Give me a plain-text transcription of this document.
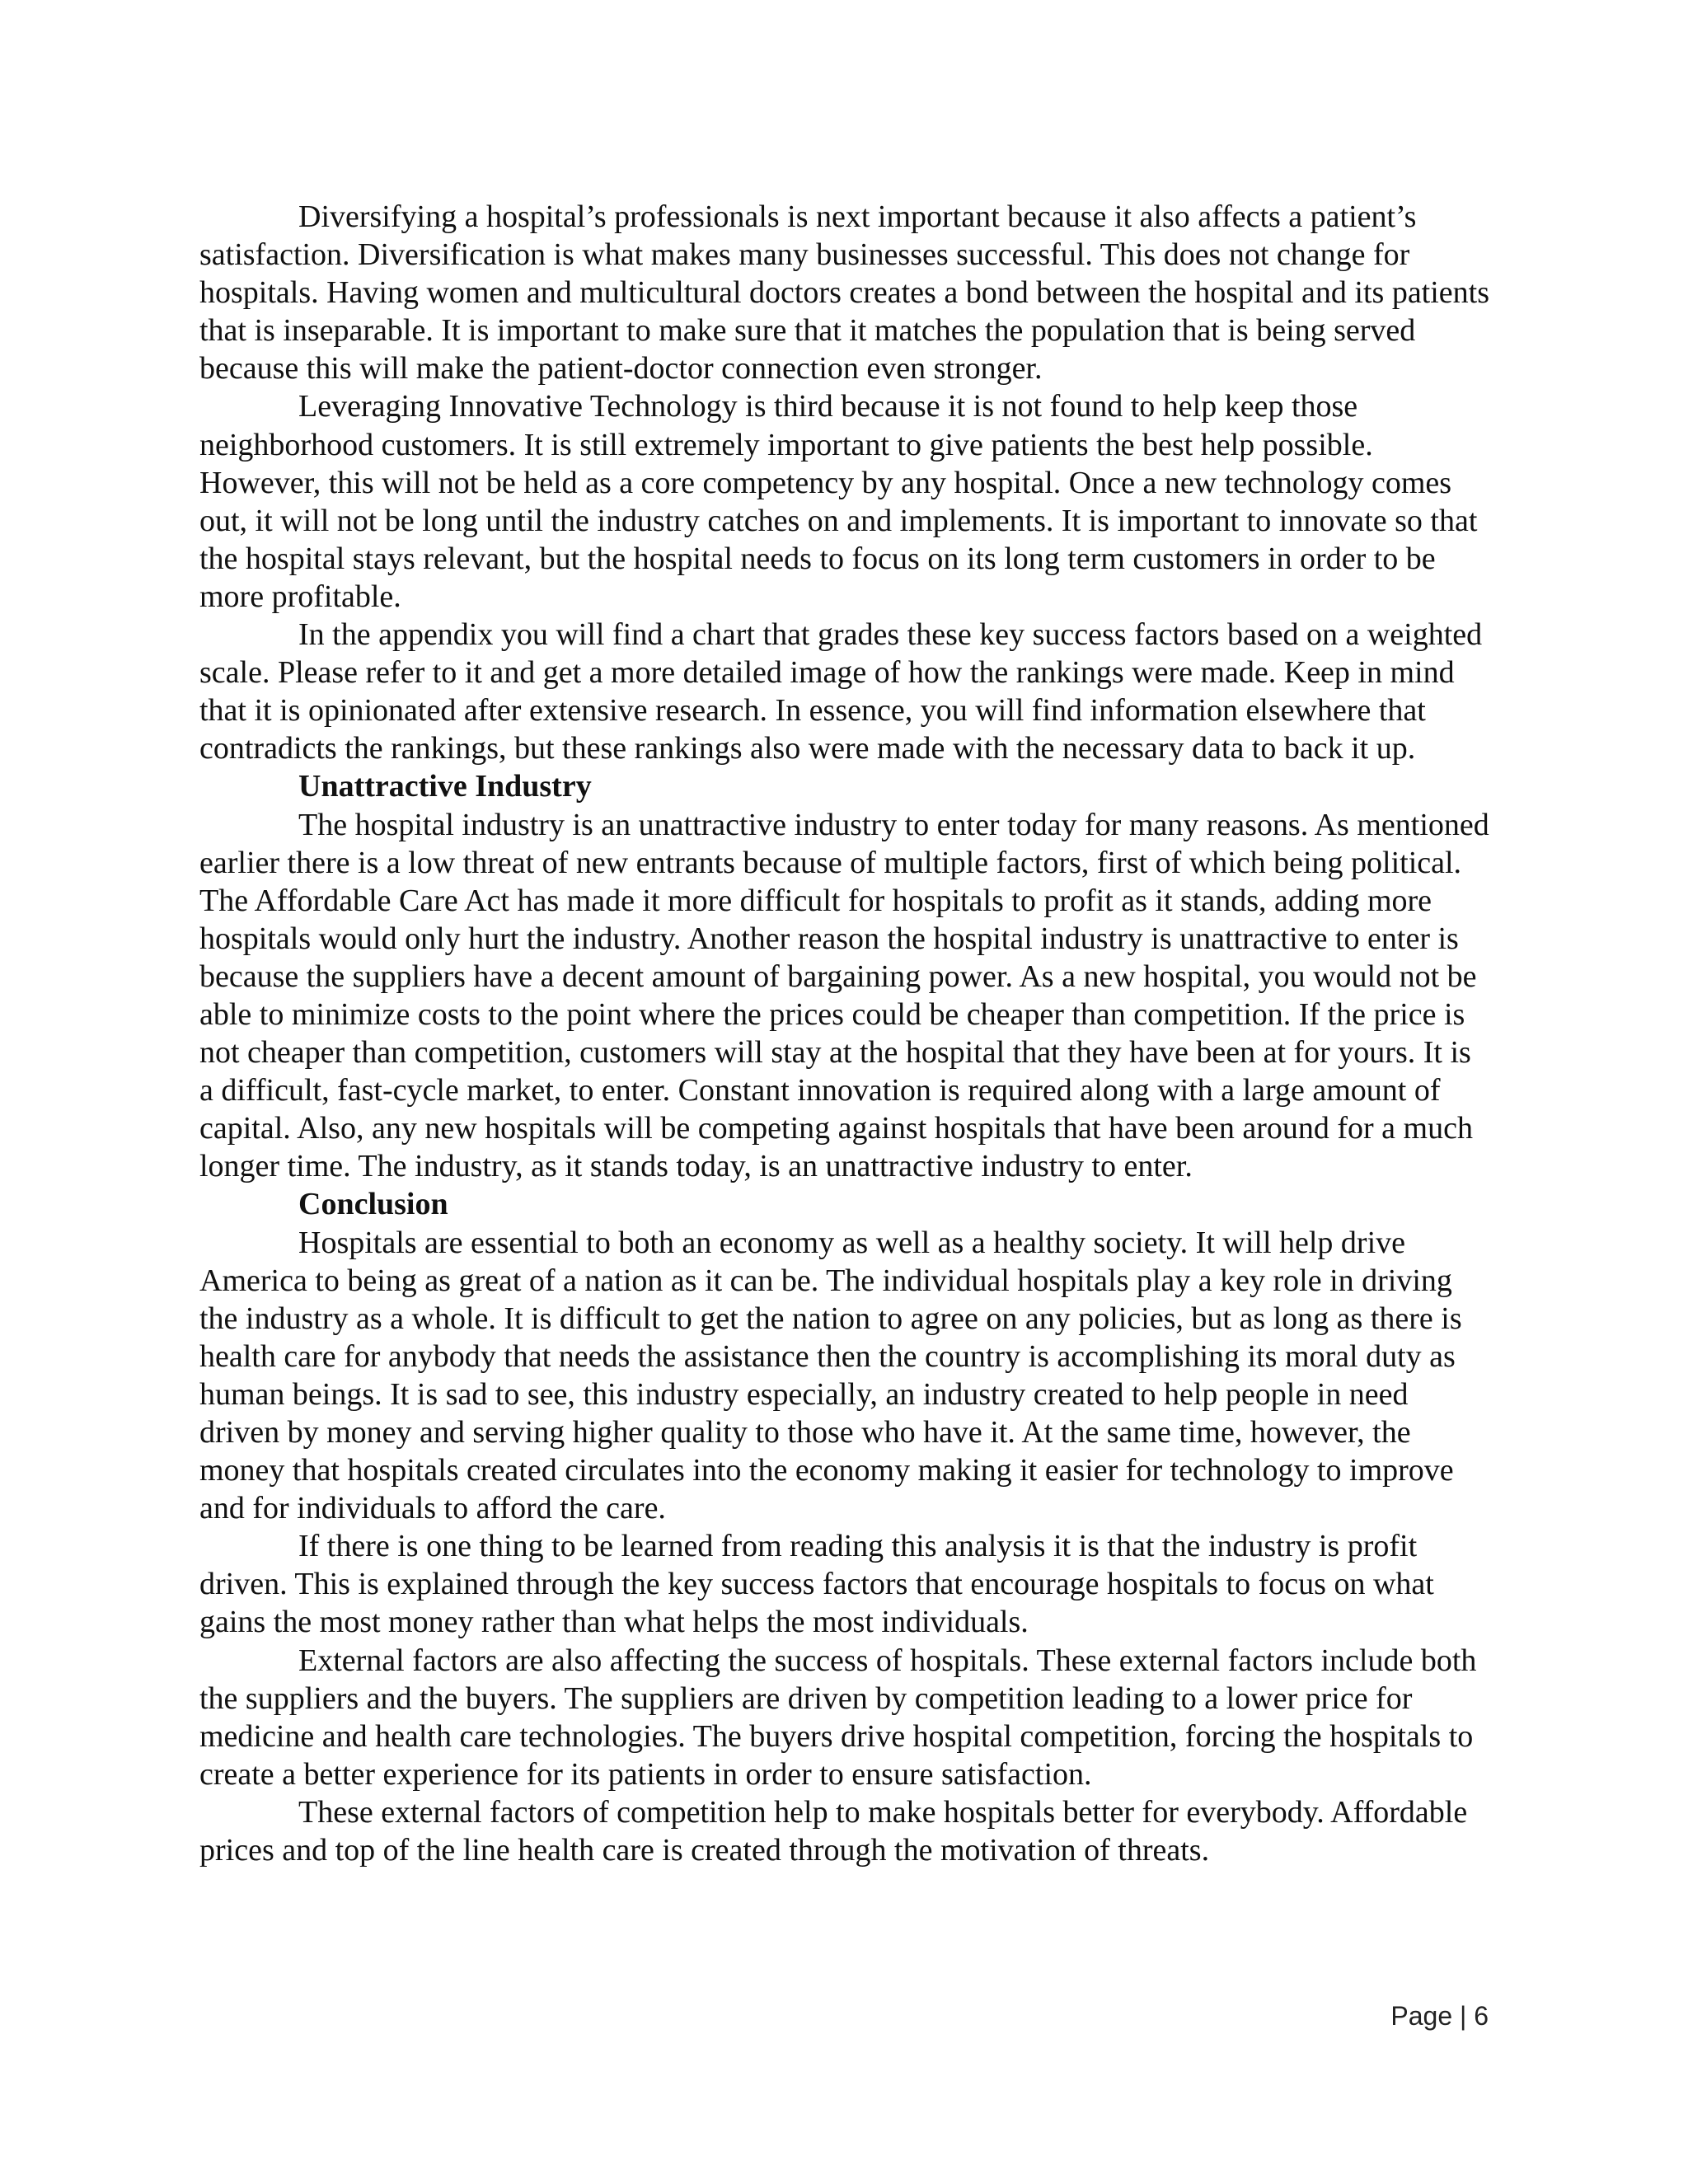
Diversifying a hospital’s professionals is next important because it also affects a patient’s satisfaction. Diversification is what makes many businesses successful. This does not change for hospitals. Having women and multicultural doctors creates a bond between the hospital and its patients that is inseparable. It is important to make sure that it matches the population that is being served because this will make the patient-doctor connection even stronger.

Leveraging Innovative Technology is third because it is not found to help keep those neighborhood customers. It is still extremely important to give patients the best help possible. However, this will not be held as a core competency by any hospital. Once a new technology comes out, it will not be long until the industry catches on and implements. It is important to innovate so that the hospital stays relevant, but the hospital needs to focus on its long term customers in order to be more profitable.

In the appendix you will find a chart that grades these key success factors based on a weighted scale. Please refer to it and get a more detailed image of how the rankings were made. Keep in mind that it is opinionated after extensive research. In essence, you will find information elsewhere that contradicts the rankings, but these rankings also were made with the necessary data to back it up.

Unattractive Industry

The hospital industry is an unattractive industry to enter today for many reasons. As mentioned earlier there is a low threat of new entrants because of multiple factors, first of which being political. The Affordable Care Act has made it more difficult for hospitals to profit as it stands, adding more hospitals would only hurt the industry. Another reason the hospital industry is unattractive to enter is because the suppliers have a decent amount of bargaining power. As a new hospital, you would not be able to minimize costs to the point where the prices could be cheaper than competition. If the price is not cheaper than competition, customers will stay at the hospital that they have been at for yours. It is a difficult, fast-cycle market, to enter. Constant innovation is required along with a large amount of capital. Also, any new hospitals will be competing against hospitals that have been around for a much longer time. The industry, as it stands today, is an unattractive industry to enter.

Conclusion

Hospitals are essential to both an economy as well as a healthy society. It will help drive America to being as great of a nation as it can be. The individual hospitals play a key role in driving the industry as a whole. It is difficult to get the nation to agree on any policies, but as long as there is health care for anybody that needs the assistance then the country is accomplishing its moral duty as human beings. It is sad to see, this industry especially, an industry created to help people in need driven by money and serving higher quality to those who have it. At the same time, however, the money that hospitals created circulates into the economy making it easier for technology to improve and for individuals to afford the care.

If there is one thing to be learned from reading this analysis it is that the industry is profit driven. This is explained through the key success factors that encourage hospitals to focus on what gains the most money rather than what helps the most individuals.

External factors are also affecting the success of hospitals. These external factors include both the suppliers and the buyers. The suppliers are driven by competition leading to a lower price for medicine and health care technologies. The buyers drive hospital competition, forcing the hospitals to create a better experience for its patients in order to ensure satisfaction.

These external factors of competition help to make hospitals better for everybody. Affordable prices and top of the line health care is created through the motivation of threats.

Page | 6
